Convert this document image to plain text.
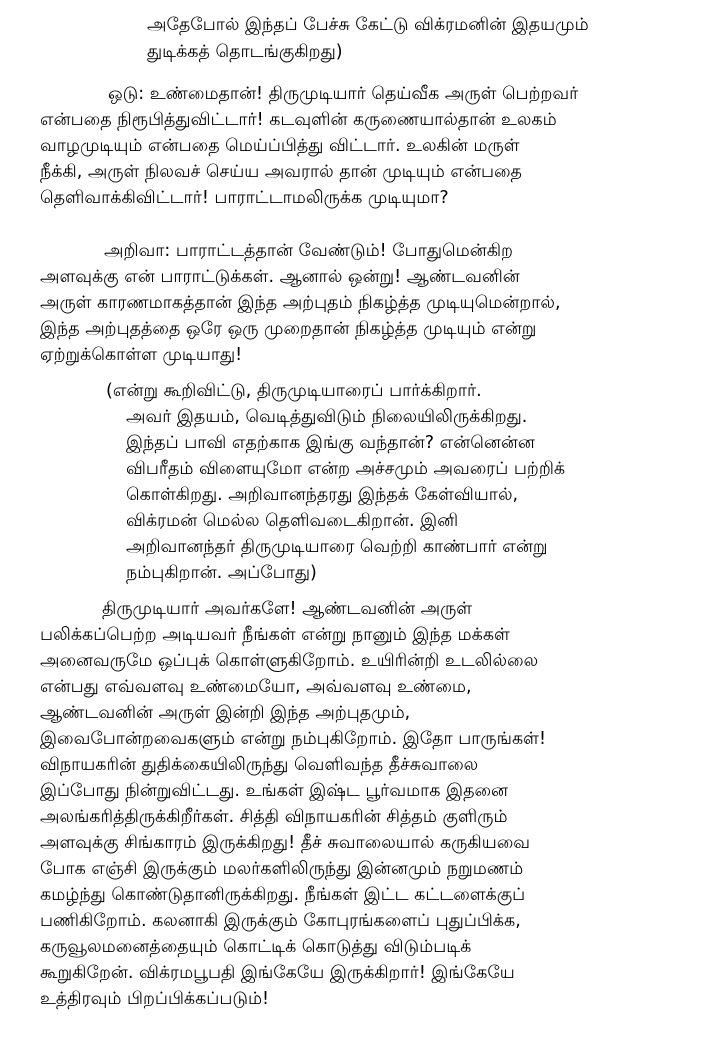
அதேபோல் இந்தப் பேச்சு கேட்டு விக்ரமனின் இதயமும்
துடிக்கத் தொடங்குகிறது)
ஒடு: உண்மைதான்! திருமுடியார் தெய்வீக அருள் பெற்றவர்
என்பதை நிரூபித்துவிட்டார்! கடவுளின் கருணையால்தான் உலகம்
வாழமுடியும் என்பதை மெய்ப்பித்து விட்டார். உலகின் மருள்
நீக்கி, அருள் நிலவச் செய்ய அவரால் தான் முடியும் என்பதை
தெளிவாக்கிவிட்டார்! பாராட்டாமலிருக்க முடியுமா?
அறிவா: பாராட்டத்தான் வேண்டும்! போதுமென்கிற
அளவுக்கு என் பாராட்டுக்கள். ஆனால் ஒன்று! ஆண்டவனின்
அருள் காரணமாகத்தான் இந்த அற்புதம் நிகழ்த்த முடியுமென்றால்,
இந்த அற்புதத்தை ஒரே ஒரு முறைதான் நிகழ்த்த முடியும் என்று
ஏற்றுக்கொள்ள முடியாது!
(என்று கூறிவிட்டு, திருமுடியாரைப் பார்க்கிறார்.
அவர் இதயம், வெடித்துவிடும் நிலையிலிருக்கிறது.
இந்தப் பாவி எதற்காக இங்கு வந்தான்? என்னென்ன
விபரீதம் விளையுமோ என்ற அச்சமும் அவரைப் பற்றிக்
கொள்கிறது. அறிவானந்தரது இந்தக் கேள்வியால்,
விக்ரமன் மெல்ல தெளிவடைகிறான். இனி
அறிவானந்தர் திருமுடியாரை வெற்றி காண்பார் என்று
நம்புகிறான். அப்போது)
திருமுடியார் அவர்களே! ஆண்டவனின் அருள்
பலிக்கப்பெற்ற அடியவர் நீங்கள் என்று நானும் இந்த மக்கள்
அனைவருமே ஒப்புக் கொள்ளுகிறோம். உயிரின்றி உடலில்லை
என்பது எவ்வளவு உண்மையோ, அவ்வளவு உண்மை,
ஆண்டவனின் அருள் இன்றி இந்த அற்புதமும்,
இவைபோன்றவைகளும் என்று நம்புகிறோம். இதோ பாருங்கள்!
விநாயகரின் துதிக்கையிலிருந்து வெளிவந்த தீச்சுவாலை
இப்போது நின்றுவிட்டது. உங்கள் இஷ்ட பூர்வமாக இதனை
அலங்கரித்திருக்கிறீர்கள். சித்தி விநாயகரின் சித்தம் குளிரும்
அளவுக்கு சிங்காரம் இருக்கிறது! தீச் சுவாலையால் கருகியவை
போக எஞ்சி இருக்கும் மலர்களிலிருந்து இன்னமும் நறுமணம்
கமழ்ந்து கொண்டுதானிருக்கிறது. நீங்கள் இட்ட கட்டளைக்குப்
பணிகிறோம். கலனாகி இருக்கும் கோபுரங்களைப் புதுப்பிக்க,
கருவூலமனைத்தையும் கொட்டிக் கொடுத்து விடும்படிக்
கூறுகிறேன். விக்ரமபூபதி இங்கேயே இருக்கிறார்! இங்கேயே
உத்திரவும் பிறப்பிக்கப்படும்!
